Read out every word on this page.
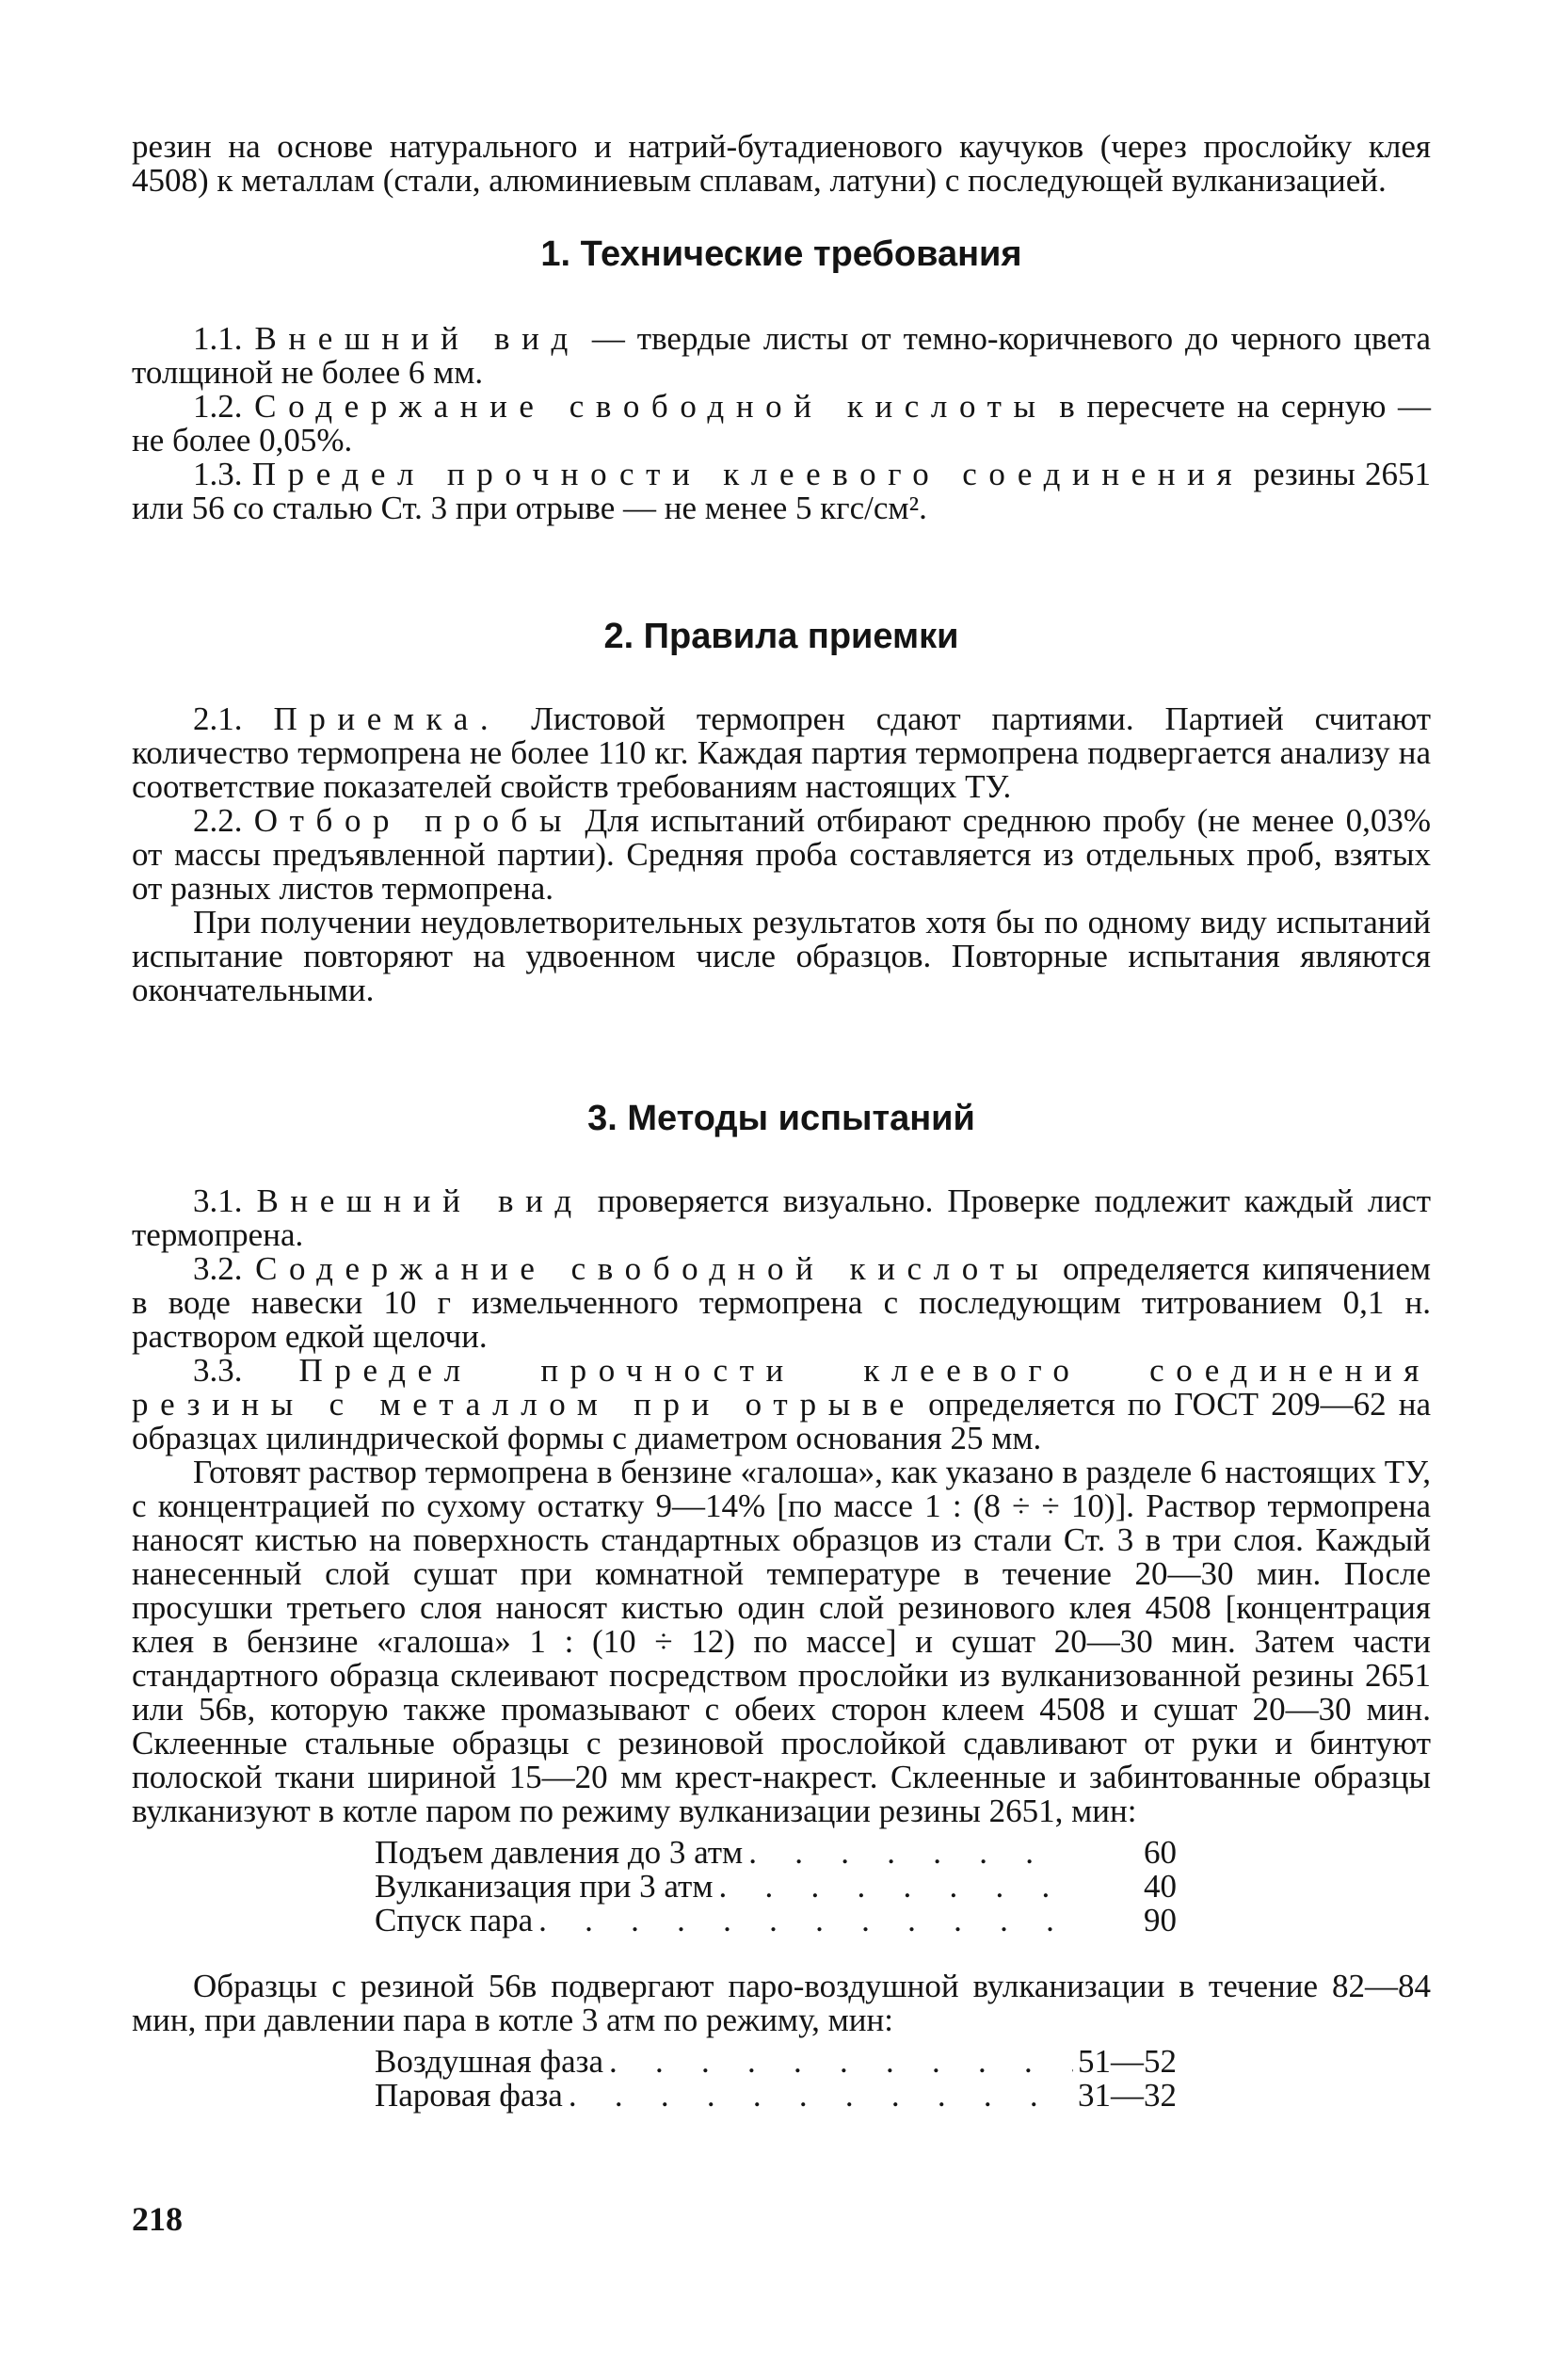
резин на основе натурального и натрий-бутадиенового каучуков (через прослойку клея 4508) к металлам (стали, алюминиевым сплавам, латуни) с последующей вулканизацией.

1. Технические требования

1.1. Внешний вид — твердые листы от темно-коричневого до черного цвета толщиной не более 6 мм.

1.2. Содержание свободной кислоты в пересчете на серную — не более 0,05%.

1.3. Предел прочности клеевого соединения резины 2651 или 56 со сталью Ст. 3 при отрыве — не менее 5 кгс/см².

2. Правила приемки

2.1. Приемка. Листовой термопрен сдают партиями. Партией считают количество термопрена не более 110 кг. Каждая партия термопрена подвергается анализу на соответствие показателей свойств требованиям настоящих ТУ.

2.2. Отбор пробы Для испытаний отбирают среднюю пробу (не менее 0,03% от массы предъявленной партии). Средняя проба составляется из отдельных проб, взятых от разных листов термопрена.

При получении неудовлетворительных результатов хотя бы по одному виду испытаний испытание повторяют на удвоенном числе образцов. Повторные испытания являются окончательными.

3. Методы испытаний

3.1. Внешний вид проверяется визуально. Проверке подлежит каждый лист термопрена.

3.2. Содержание свободной кислоты определяется кипячением в воде навески 10 г измельченного термопрена с последующим титрованием 0,1 н. раствором едкой щелочи.

3.3. Предел прочности клеевого соединения резины с металлом при отрыве определяется по ГОСТ 209—62 на образцах цилиндрической формы с диаметром основания 25 мм.

Готовят раствор термопрена в бензине «галоша», как указано в разделе 6 настоящих ТУ, с концентрацией по сухому остатку 9—14% [по массе 1 : (8 ÷ ÷ 10)]. Раствор термопрена наносят кистью на поверхность стандартных образцов из стали Ст. 3 в три слоя. Каждый нанесенный слой сушат при комнатной температуре в течение 20—30 мин. После просушки третьего слоя наносят кистью один слой резинового клея 4508 [концентрация клея в бензине «галоша» 1 : (10 ÷ 12) по массе] и сушат 20—30 мин. Затем части стандартного образца склеивают посредством прослойки из вулканизованной резины 2651 или 56в, которую также промазывают с обеих сторон клеем 4508 и сушат 20—30 мин. Склеенные стальные образцы с резиновой прослойкой сдавливают от руки и бинтуют полоской ткани шириной 15—20 мм крест-накрест. Склеенные и забинтованные образцы вулканизуют в котле паром по режиму вулканизации резины 2651, мин:

Подъем давления до 3 атм . . .	60
Вулканизация при 3 атм . . .	40
Спуск пара . . .	90

Образцы с резиной 56в подвергают паро-воздушной вулканизации в течение 82—84 мин, при давлении пара в котле 3 атм по режиму, мин:

Воздушная фаза . . .	51—52
Паровая фаза . . .	31—32
218
